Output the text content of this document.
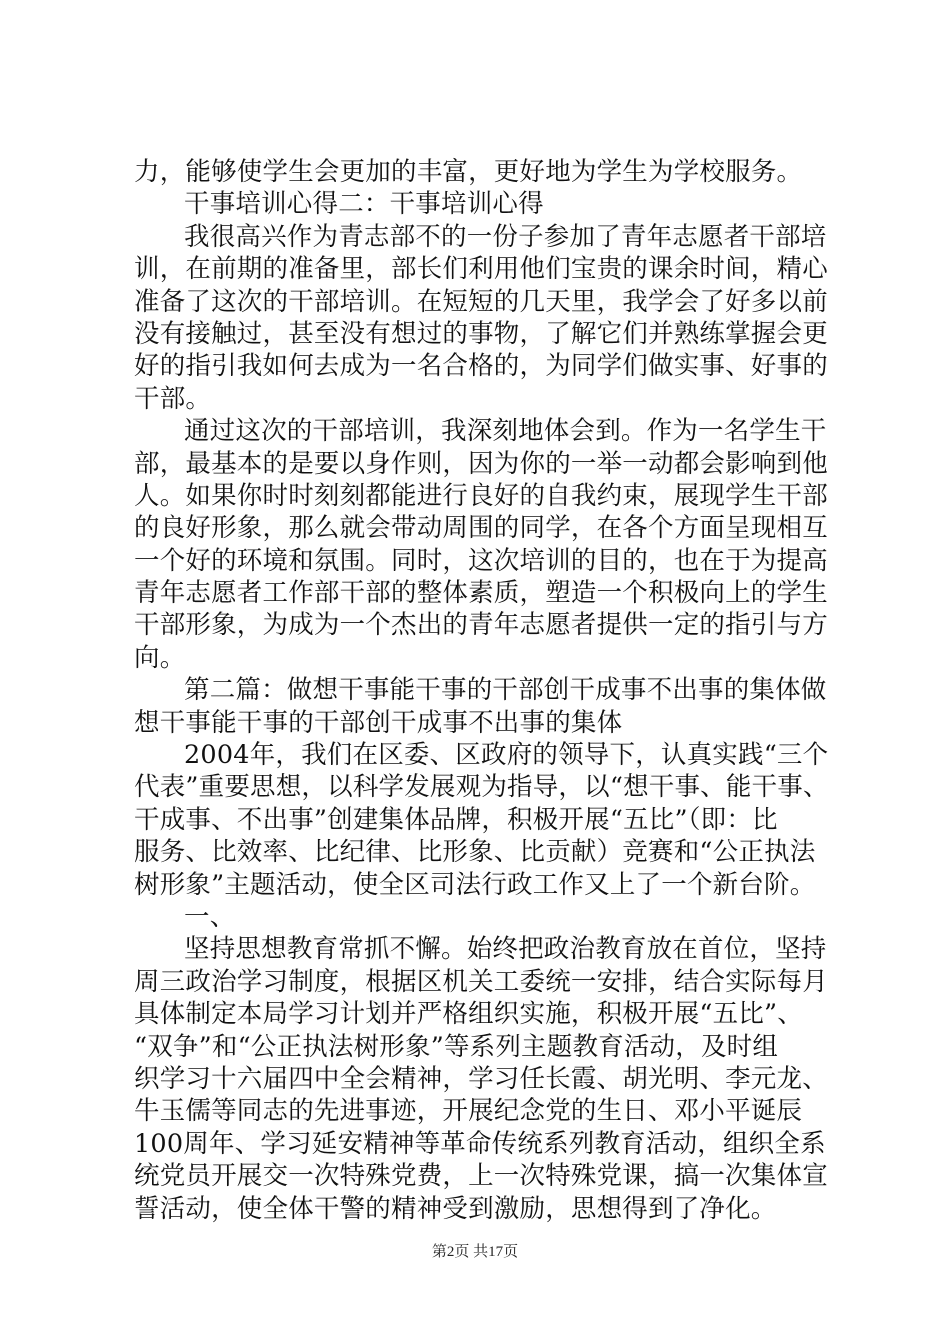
力，能够使学生会更加的丰富，更好地为学生为学校服务。
干事培训心得二：干事培训心得
我很高兴作为青志部不的一份子参加了青年志愿者干部培
训，在前期的准备里，部长们利用他们宝贵的课余时间，精心
准备了这次的干部培训。在短短的几天里，我学会了好多以前
没有接触过，甚至没有想过的事物，了解它们并熟练掌握会更
好的指引我如何去成为一名合格的，为同学们做实事、好事的
干部。
通过这次的干部培训，我深刻地体会到。作为一名学生干
部，最基本的是要以身作则，因为你的一举一动都会影响到他
人。如果你时时刻刻都能进行良好的自我约束，展现学生干部
的良好形象，那么就会带动周围的同学，在各个方面呈现相互
一个好的环境和氛围。同时，这次培训的目的，也在于为提高
青年志愿者工作部干部的整体素质，塑造一个积极向上的学生
干部形象，为成为一个杰出的青年志愿者提供一定的指引与方
向。
第二篇：做想干事能干事的干部创干成事不出事的集体做
想干事能干事的干部创干成事不出事的集体
2004年，我们在区委、区政府的领导下，认真实践“三个
代表”重要思想，以科学发展观为指导，以“想干事、能干事、
干成事、不出事”创建集体品牌，积极开展“五比”（即：比
服务、比效率、比纪律、比形象、比贡献）竞赛和“公正执法
树形象”主题活动，使全区司法行政工作又上了一个新台阶。
一、
坚持思想教育常抓不懈。始终把政治教育放在首位，坚持
周三政治学习制度，根据区机关工委统一安排，结合实际每月
具体制定本局学习计划并严格组织实施，积极开展“五比”、
“双争”和“公正执法树形象”等系列主题教育活动，及时组
织学习十六届四中全会精神，学习任长霞、胡光明、李元龙、
牛玉儒等同志的先进事迹，开展纪念党的生日、邓小平诞辰
100周年、学习延安精神等革命传统系列教育活动，组织全系
统党员开展交一次特殊党费，上一次特殊党课，搞一次集体宣
誓活动，使全体干警的精神受到激励，思想得到了净化。
第2页 共17页
